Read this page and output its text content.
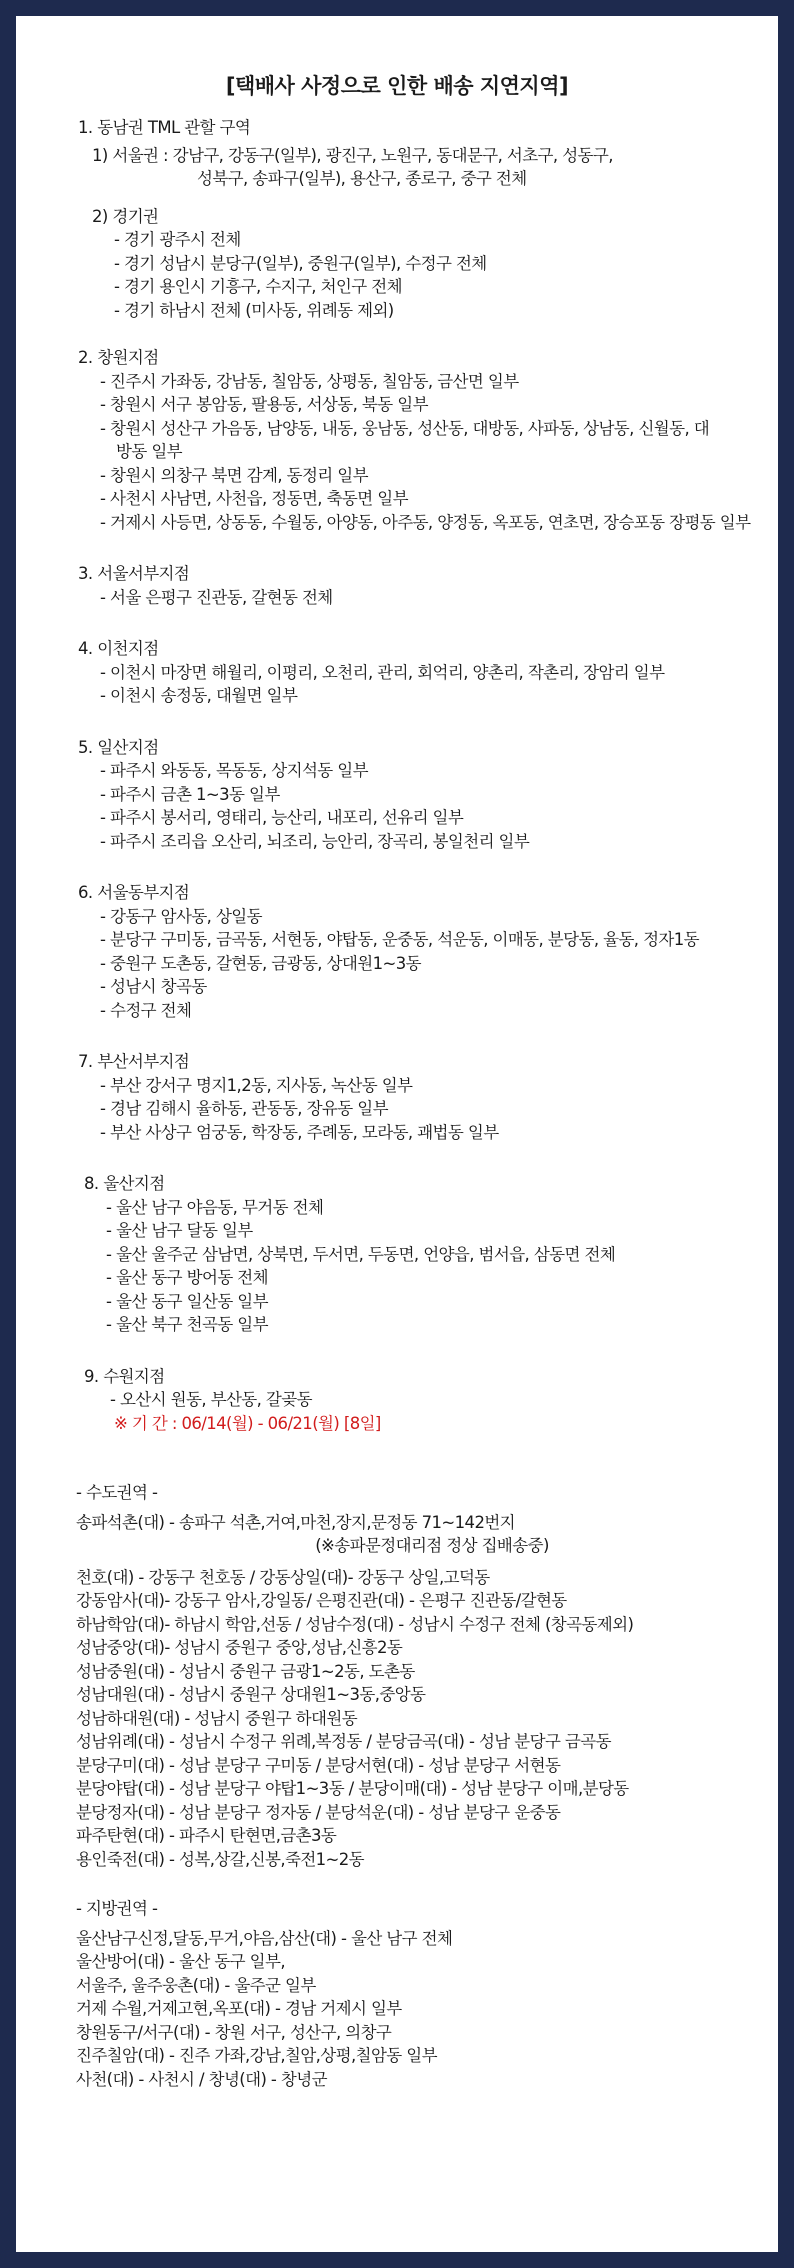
[택배사 사정으로 인한 배송 지연지역]

1. 동남권 TML 관할 구역

1) 서울권 : 강남구, 강동구(일부), 광진구, 노원구, 동대문구, 서초구, 성동구,

성북구, 송파구(일부), 용산구, 종로구, 중구 전체

2) 경기권

- 경기 광주시 전체

- 경기 성남시 분당구(일부), 중원구(일부), 수정구 전체

- 경기 용인시 기흥구, 수지구, 처인구 전체

- 경기 하남시 전체 (미사동, 위례동 제외)

2. 창원지점

- 진주시 가좌동, 강남동, 칠암동, 상평동, 칠암동, 금산면 일부

- 창원시 서구 봉암동, 팔용동, 서상동, 북동 일부

- 창원시 성산구 가음동, 남양동, 내동, 웅남동, 성산동, 대방동, 사파동, 상남동, 신월동, 대방동 일부

- 창원시 의창구 북면 감계, 동정리 일부

- 사천시 사남면, 사천읍, 정동면, 축동면 일부

- 거제시 사등면, 상동동, 수월동, 아양동, 아주동, 양정동, 옥포동, 연초면, 장승포동 장평동 일부

3. 서울서부지점

- 서울 은평구 진관동, 갈현동 전체

4. 이천지점

- 이천시 마장면 해월리, 이평리, 오천리, 관리, 회억리, 양촌리, 작촌리, 장암리 일부

- 이천시 송정동, 대월면 일부

5. 일산지점

- 파주시 와동동, 목동동, 상지석동 일부

- 파주시 금촌 1~3동 일부

- 파주시 봉서리, 영태리, 능산리, 내포리, 선유리 일부

- 파주시 조리읍 오산리, 뇌조리, 능안리, 장곡리, 봉일천리 일부

6. 서울동부지점

- 강동구 암사동, 상일동

- 분당구 구미동, 금곡동, 서현동, 야탑동, 운중동, 석운동, 이매동, 분당동, 율동, 정자1동

- 중원구 도촌동, 갈현동, 금광동, 상대원1~3동

- 성남시 창곡동

- 수정구 전체

7. 부산서부지점

- 부산 강서구 명지1,2동, 지사동, 녹산동 일부

- 경남 김해시 율하동, 관동동, 장유동 일부

- 부산 사상구 엄궁동, 학장동, 주례동, 모라동, 괘법동 일부

8. 울산지점

- 울산 남구 야음동, 무거동 전체

- 울산 남구 달동 일부

- 울산 울주군 삼남면, 상북면, 두서면, 두동면, 언양읍, 범서읍, 삼동면 전체

- 울산 동구 방어동 전체

- 울산 동구 일산동 일부

- 울산 북구 천곡동 일부

9. 수원지점

- 오산시 원동, 부산동, 갈곶동

※ 기 간 : 06/14(월) - 06/21(월) [8일]

- 수도권역 -

송파석촌(대) - 송파구 석촌,거여,마천,장지,문정동 71~142번지

(※송파문정대리점 정상 집배송중)

천호(대) - 강동구 천호동 / 강동상일(대)- 강동구 상일,고덕동

강동암사(대)- 강동구 암사,강일동/ 은평진관(대) - 은평구 진관동/갈현동

하남학암(대)- 하남시 학암,선동 / 성남수정(대) - 성남시 수정구 전체 (창곡동제외)

성남중앙(대)- 성남시 중원구 중앙,성남,신흥2동

성남중원(대) - 성남시 중원구 금광1~2동, 도촌동

성남대원(대) - 성남시 중원구 상대원1~3동,중앙동

성남하대원(대) - 성남시 중원구 하대원동

성남위례(대) - 성남시 수정구 위례,복정동 / 분당금곡(대) - 성남 분당구 금곡동

분당구미(대) - 성남 분당구 구미동 / 분당서현(대) - 성남 분당구 서현동

분당야탑(대) - 성남 분당구 야탑1~3동 / 분당이매(대) - 성남 분당구 이매,분당동

분당정자(대) - 성남 분당구 정자동 / 분당석운(대) - 성남 분당구 운중동

파주탄현(대) - 파주시 탄현면,금촌3동

용인죽전(대) - 성복,상갈,신봉,죽전1~2동

- 지방권역 -

울산남구신정,달동,무거,야음,삼산(대) - 울산 남구 전체

울산방어(대) - 울산 동구 일부,

서울주, 울주웅촌(대) - 울주군 일부

거제 수월,거제고현,옥포(대) - 경남 거제시 일부

창원동구/서구(대) - 창원 서구, 성산구, 의창구

진주칠암(대) - 진주 가좌,강남,칠암,상평,칠암동 일부

사천(대) - 사천시 / 창녕(대) - 창녕군
